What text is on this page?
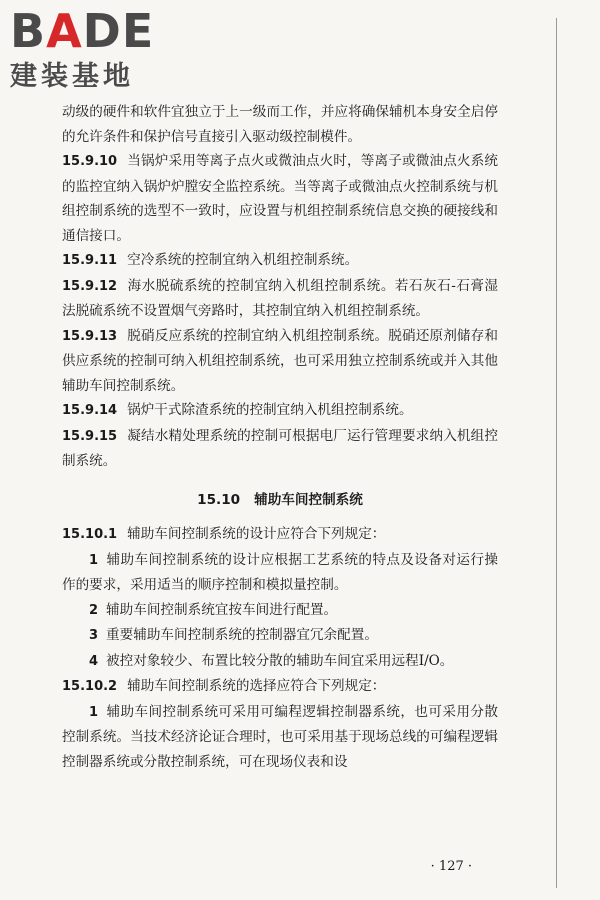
BADE
建装基地

动级的硬件和软件宜独立于上一级而工作，并应将确保辅机本身安全启停的允许条件和保护信号直接引入驱动级控制模件。

15.9.10 当锅炉采用等离子点火或微油点火时，等离子或微油点火系统的监控宜纳入锅炉炉膛安全监控系统。当等离子或微油点火控制系统与机组控制系统的选型不一致时，应设置与机组控制系统信息交换的硬接线和通信接口。

15.9.11 空冷系统的控制宜纳入机组控制系统。

15.9.12 海水脱硫系统的控制宜纳入机组控制系统。若石灰石-石膏湿法脱硫系统不设置烟气旁路时，其控制宜纳入机组控制系统。

15.9.13 脱硝反应系统的控制宜纳入机组控制系统。脱硝还原剂储存和供应系统的控制可纳入机组控制系统，也可采用独立控制系统或并入其他辅助车间控制系统。

15.9.14 锅炉干式除渣系统的控制宜纳入机组控制系统。

15.9.15 凝结水精处理系统的控制可根据电厂运行管理要求纳入机组控制系统。

15.10 辅助车间控制系统

15.10.1 辅助车间控制系统的设计应符合下列规定：

1 辅助车间控制系统的设计应根据工艺系统的特点及设备对运行操作的要求，采用适当的顺序控制和模拟量控制。

2 辅助车间控制系统宜按车间进行配置。

3 重要辅助车间控制系统的控制器宜冗余配置。

4 被控对象较少、布置比较分散的辅助车间宜采用远程I/O。

15.10.2 辅助车间控制系统的选择应符合下列规定：

1 辅助车间控制系统可采用可编程逻辑控制器系统，也可采用分散控制系统。当技术经济论证合理时，也可采用基于现场总线的可编程逻辑控制器系统或分散控制系统，可在现场仪表和设

· 127 ·
